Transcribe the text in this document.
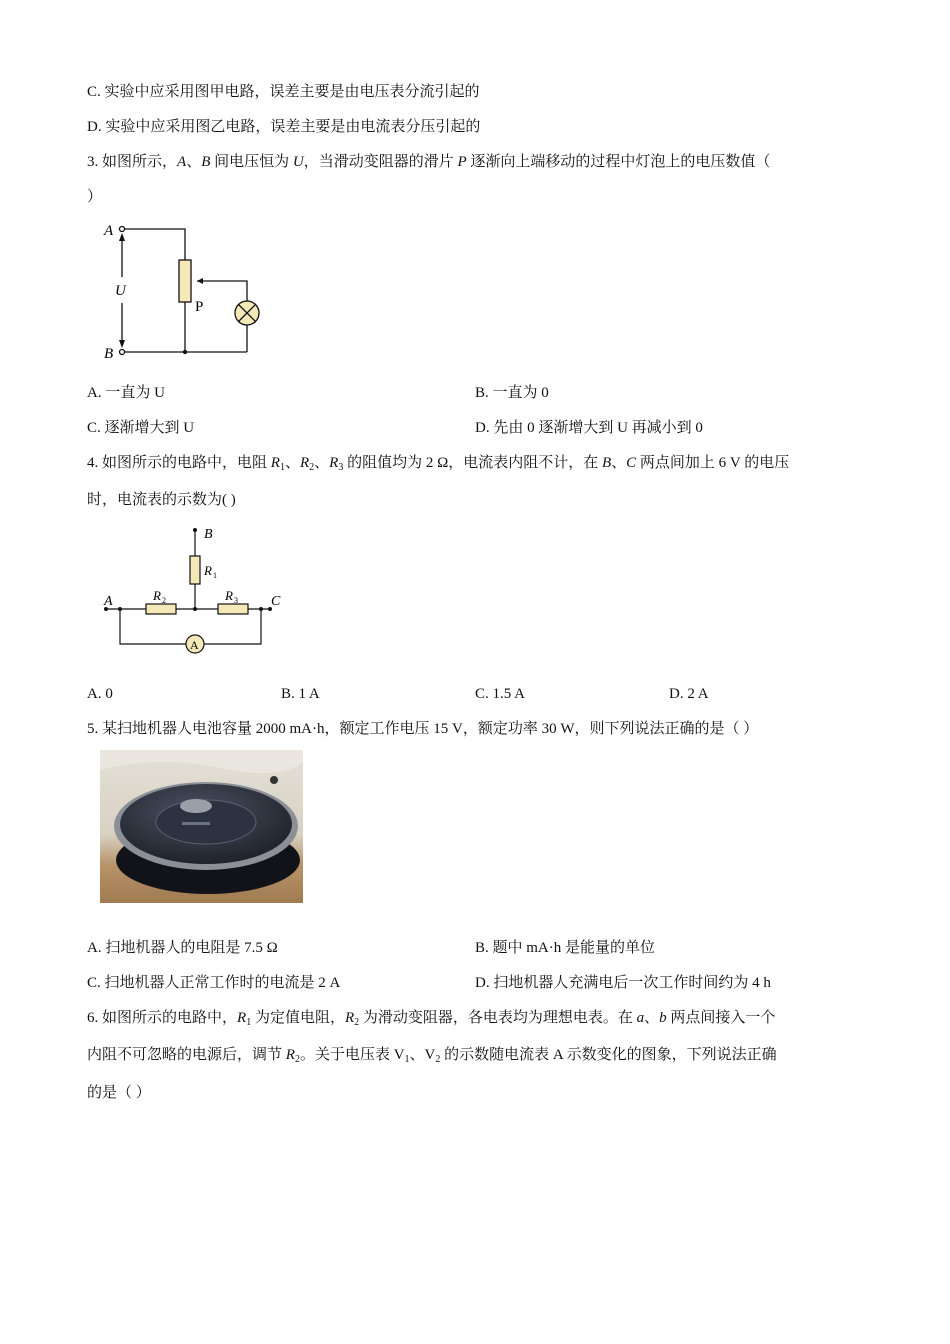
C. 实验中应采用图甲电路，误差主要是由电压表分流引起的
D. 实验中应采用图乙电路，误差主要是由电流表分压引起的
3. 如图所示，A、B 间电压恒为 U，当滑动变阻器的滑片 P 逐渐向上端移动的过程中灯泡上的电压数值（
）
A
B
U
P
A. 一直为 U	B. 一直为 0
C. 逐渐增大到 U	D. 先由 0 逐渐增大到 U 再减小到 0
4. 如图所示的电路中，电阻 $R_1$、$R_2$、$R_3$ 的阻值均为 2 Ω，电流表内阻不计，在 B、C 两点间加上 6 V 的电压
时，电流表的示数为( )
B
R 1
R 2	R 3
A	C
A
A. 0	B. 1 A	C. 1.5 A	D. 2 A
5. 某扫地机器人电池容量 2000 mA·h，额定工作电压 15 V，额定功率 30 W，则下列说法正确的是（ ）
A. 扫地机器人的电阻是 7.5 Ω	B. 题中 mA·h 是能量的单位
C. 扫地机器人正常工作时的电流是 2 A	D. 扫地机器人充满电后一次工作时间约为 4 h
6. 如图所示的电路中，$R_1$ 为定值电阻，$R_2$ 为滑动变阻器，各电表均为理想电表。在 a、b 两点间接入一个
内阻不可忽略的电源后，调节 $R_2$。关于电压表 $V_1$、$V_2$ 的示数随电流表 A 示数变化的图象，下列说法正确
的是（ ）
